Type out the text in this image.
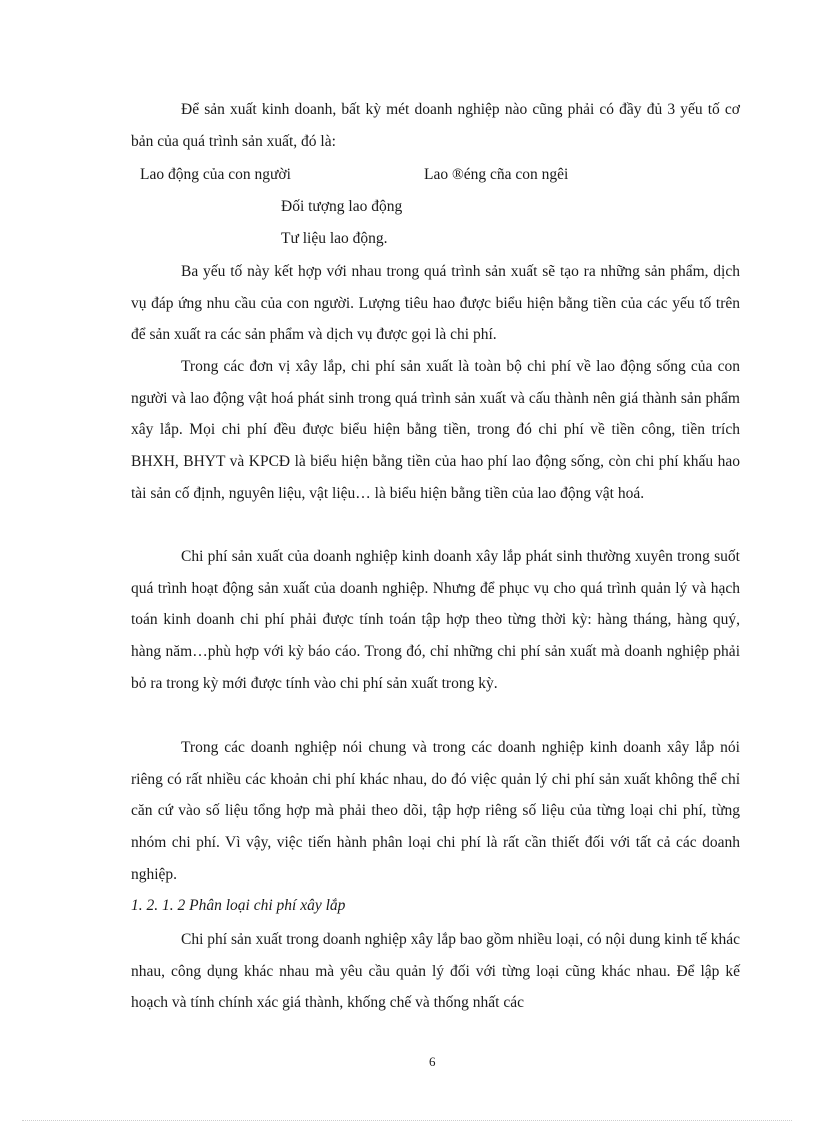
Để sản xuất kinh doanh, bất kỳ mét doanh nghiệp nào cũng phải có đầy đủ 3 yếu tố cơ bản của quá trình sản xuất, đó là:

Lao động của con người	Lao ®éng cña con ngêi

Đối tượng lao động

Tư liệu lao động.

Ba yếu tố này kết hợp với nhau trong quá trình sản xuất sẽ tạo ra những sản phẩm, dịch vụ đáp ứng nhu cầu của con người. Lượng tiêu hao được biểu hiện bằng tiền của các yếu tố trên để sản xuất ra các sản phẩm và dịch vụ được gọi là chi phí.

Trong các đơn vị xây lắp, chi phí sản xuất là toàn bộ chi phí về lao động sống của con người và lao động vật hoá phát sinh trong quá trình sản xuất và cấu thành nên giá thành sản phẩm xây lắp. Mọi chi phí đều được biểu hiện bằng tiền, trong đó chi phí về tiền công, tiền trích BHXH, BHYT và KPCĐ là biểu hiện bằng tiền của hao phí lao động sống, còn chi phí khấu hao tài sản cố định, nguyên liệu, vật liệu… là biểu hiện bằng tiền của lao động vật hoá.

Chi phí sản xuất của doanh nghiệp kinh doanh xây lắp phát sinh thường xuyên trong suốt quá trình hoạt động sản xuất của doanh nghiệp. Nhưng để phục vụ cho quá trình quản lý và hạch toán kinh doanh chi phí phải được tính toán tập hợp theo từng thời kỳ: hàng tháng, hàng quý, hàng năm…phù hợp với kỳ báo cáo. Trong đó, chỉ những chi phí sản xuất mà doanh nghiệp phải bỏ ra trong kỳ mới được tính vào chi phí sản xuất trong kỳ.

Trong các doanh nghiệp nói chung và trong các doanh nghiệp kinh doanh xây lắp nói riêng có rất nhiều các khoản chi phí khác nhau, do đó việc quản lý chi phí sản xuất không thể chỉ căn cứ vào số liệu tổng hợp mà phải theo dõi, tập hợp riêng số liệu của từng loại chi phí, từng nhóm chi phí. Vì vậy, việc tiến hành phân loại chi phí là rất cần thiết đối với tất cả các doanh nghiệp.

1. 2. 1. 2 Phân loại chi phí xây lắp

Chi phí sản xuất trong doanh nghiệp xây lắp bao gồm nhiều loại, có nội dung kinh tế khác nhau, công dụng khác nhau mà yêu cầu quản lý đối với từng loại cũng khác nhau. Để lập kế hoạch và tính chính xác giá thành, khống chế và thống nhất các

6
